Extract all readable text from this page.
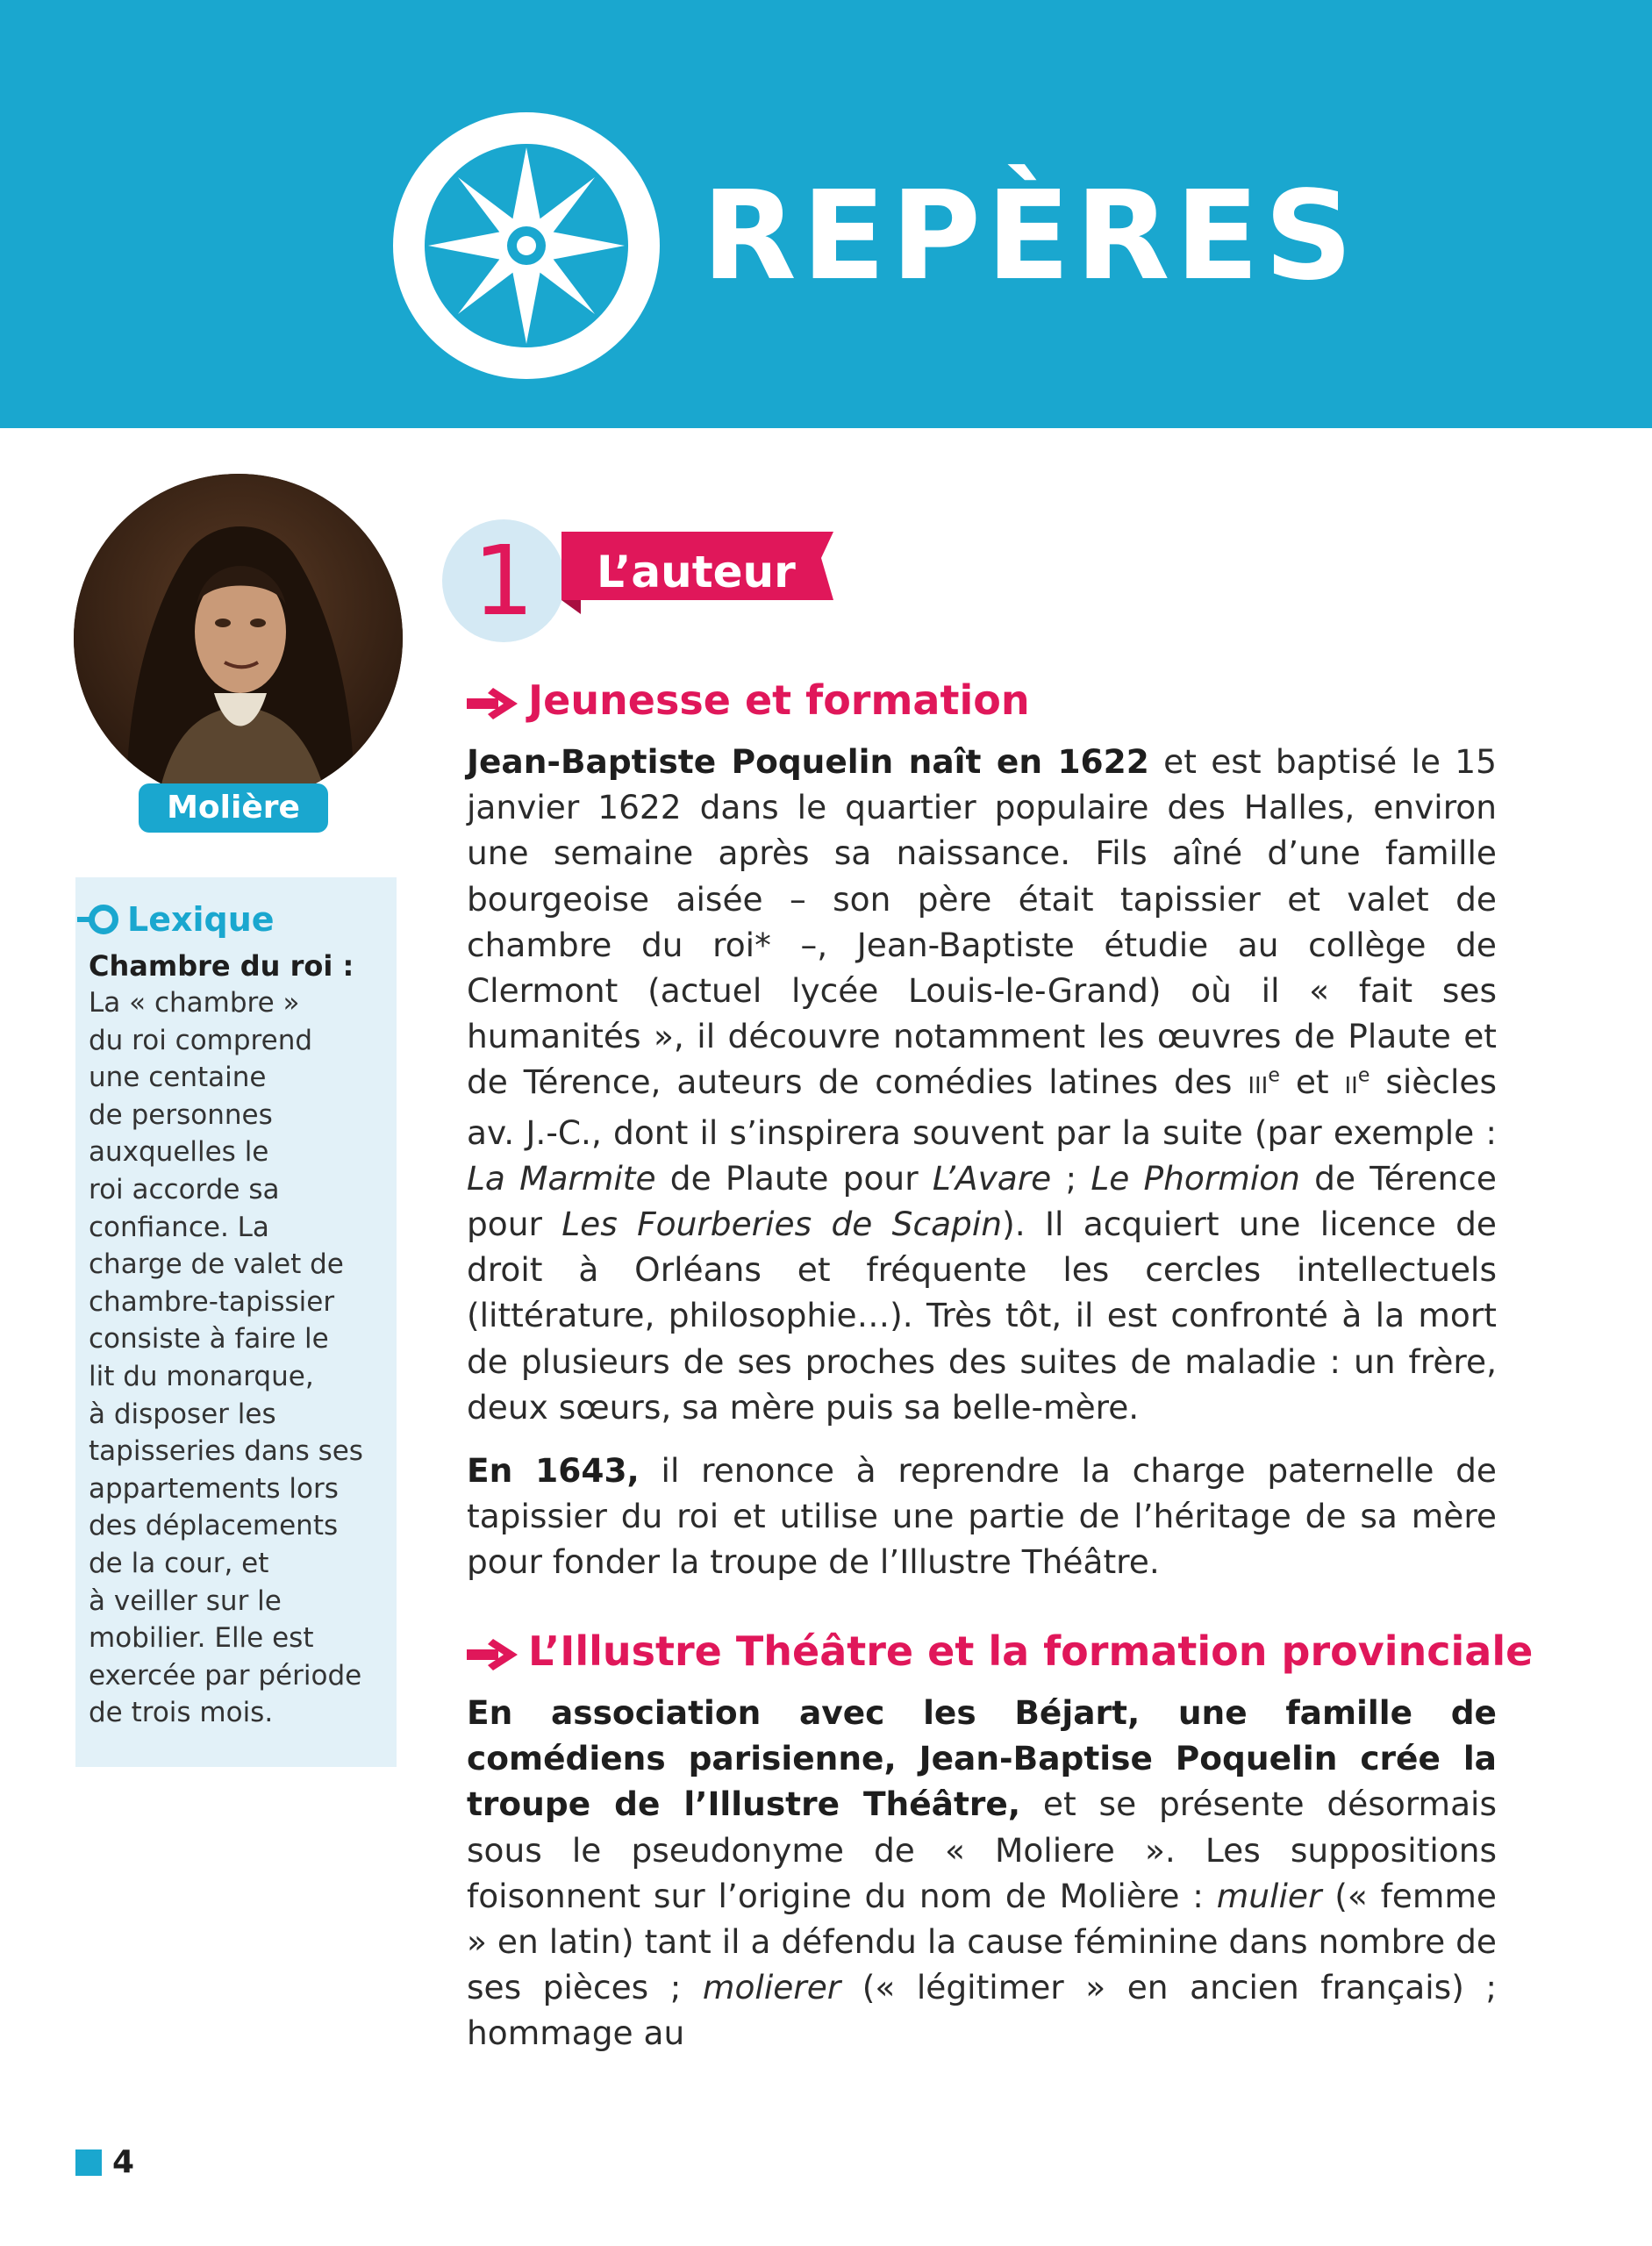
REPÈRES
Molière
Lexique
Chambre du roi :
La « chambre »
du roi comprend
une centaine
de personnes
auxquelles le
roi accorde sa
confiance. La
charge de valet de
chambre-tapissier
consiste à faire le
lit du monarque,
à disposer les
tapisseries dans ses
appartements lors
des déplacements
de la cour, et
à veiller sur le
mobilier. Elle est
exercée par période
de trois mois.
1	L’auteur
Jeunesse et formation
Jean-Baptiste Poquelin naît en 1622 et est baptisé le 15 janvier 1622 dans le quartier populaire des Halles, environ une semaine après sa naissance. Fils aîné d’une famille bourgeoise aisée – son père était tapissier et valet de chambre du roi* –, Jean-Baptiste étudie au collège de Clermont (actuel lycée Louis-le-Grand) où il « fait ses humanités », il découvre notamment les œuvres de Plaute et de Térence, auteurs de comédies latines des IIIe et IIe siècles av. J.-C., dont il s’inspirera souvent par la suite (par exemple : La Marmite de Plaute pour L’Avare ; Le Phormion de Térence pour Les Fourberies de Scapin). Il acquiert une licence de droit à Orléans et fréquente les cercles intellectuels (littérature, philosophie…). Très tôt, il est confronté à la mort de plusieurs de ses proches des suites de maladie : un frère, deux sœurs, sa mère puis sa belle-mère.
En 1643, il renonce à reprendre la charge paternelle de tapissier du roi et utilise une partie de l’héritage de sa mère pour fonder la troupe de l’Illustre Théâtre.
L’Illustre Théâtre et la formation provinciale
En association avec les Béjart, une famille de comédiens parisienne, Jean-Baptise Poquelin crée la troupe de l’Illustre Théâtre, et se présente désormais sous le pseudonyme de « Moliere ». Les suppositions foisonnent sur l’origine du nom de Molière : mulier (« femme » en latin) tant il a défendu la cause féminine dans nombre de ses pièces ; molierer (« légitimer » en ancien français) ; hommage au
4
